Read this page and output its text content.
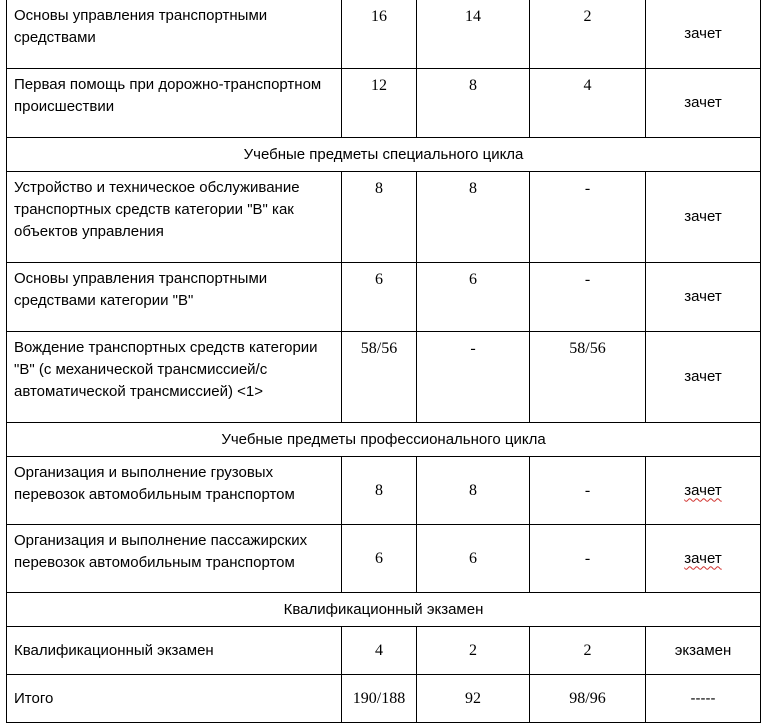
Основы управления транспортными средствами	16	14	2	зачет
Первая помощь при дорожно-транспортном происшествии	12	8	4	зачет
Учебные предметы специального цикла				
Устройство и техническое обслуживание транспортных средств категории "B" как объектов управления	8	8	-	зачет
Основы управления транспортными средствами категории "B"	6	6	-	зачет
Вождение транспортных средств категории "B" (с механической трансмиссией/с автоматической трансмиссией) <1>	58/56	-	58/56	зачет
Учебные предметы профессионального цикла				
Организация и выполнение грузовых перевозок автомобильным транспортом	8	8	-	зачет
Организация и выполнение пассажирских перевозок автомобильным транспортом	6	6	-	зачет
Квалификационный экзамен				
Квалификационный экзамен	4	2	2	экзамен
Итого	190/188	92	98/96	-----
